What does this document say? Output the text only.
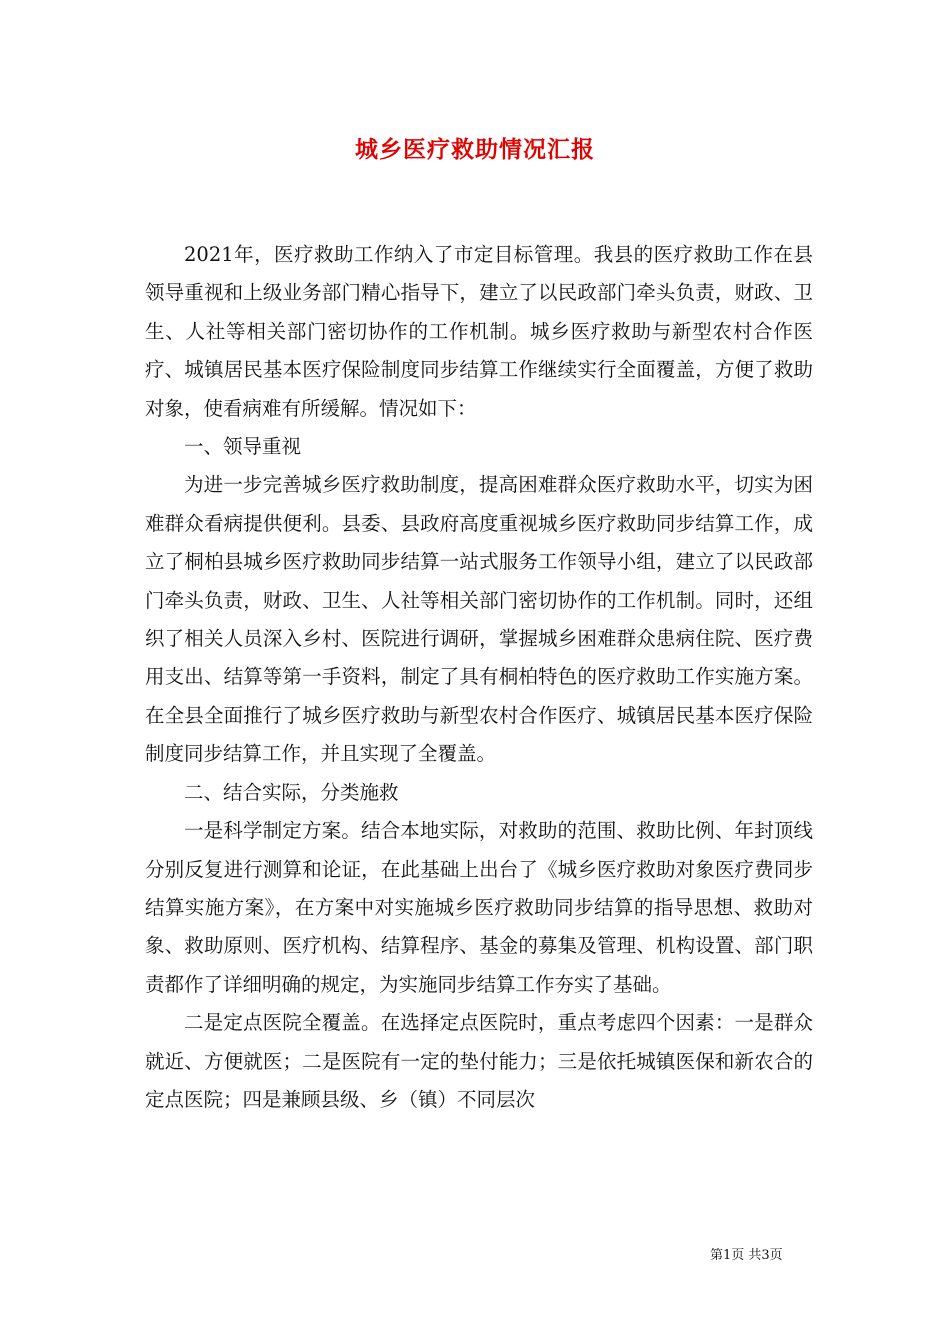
城乡医疗救助情况汇报

2021年，医疗救助工作纳入了市定目标管理。我县的医疗救助工作在县领导重视和上级业务部门精心指导下，建立了以民政部门牵头负责，财政、卫生、人社等相关部门密切协作的工作机制。城乡医疗救助与新型农村合作医疗、城镇居民基本医疗保险制度同步结算工作继续实行全面覆盖，方便了救助对象，使看病难有所缓解。情况如下：

一、领导重视

为进一步完善城乡医疗救助制度，提高困难群众医疗救助水平，切实为困难群众看病提供便利。县委、县政府高度重视城乡医疗救助同步结算工作，成立了桐柏县城乡医疗救助同步结算一站式服务工作领导小组，建立了以民政部门牵头负责，财政、卫生、人社等相关部门密切协作的工作机制。同时，还组织了相关人员深入乡村、医院进行调研，掌握城乡困难群众患病住院、医疗费用支出、结算等第一手资料，制定了具有桐柏特色的医疗救助工作实施方案。在全县全面推行了城乡医疗救助与新型农村合作医疗、城镇居民基本医疗保险制度同步结算工作，并且实现了全覆盖。

二、结合实际，分类施救

一是科学制定方案。结合本地实际，对救助的范围、救助比例、年封顶线分别反复进行测算和论证，在此基础上出台了《城乡医疗救助对象医疗费同步结算实施方案》，在方案中对实施城乡医疗救助同步结算的指导思想、救助对象、救助原则、医疗机构、结算程序、基金的募集及管理、机构设置、部门职责都作了详细明确的规定，为实施同步结算工作夯实了基础。

二是定点医院全覆盖。在选择定点医院时，重点考虑四个因素：一是群众就近、方便就医；二是医院有一定的垫付能力；三是依托城镇医保和新农合的定点医院；四是兼顾县级、乡（镇）不同层次

第1页 共3页
